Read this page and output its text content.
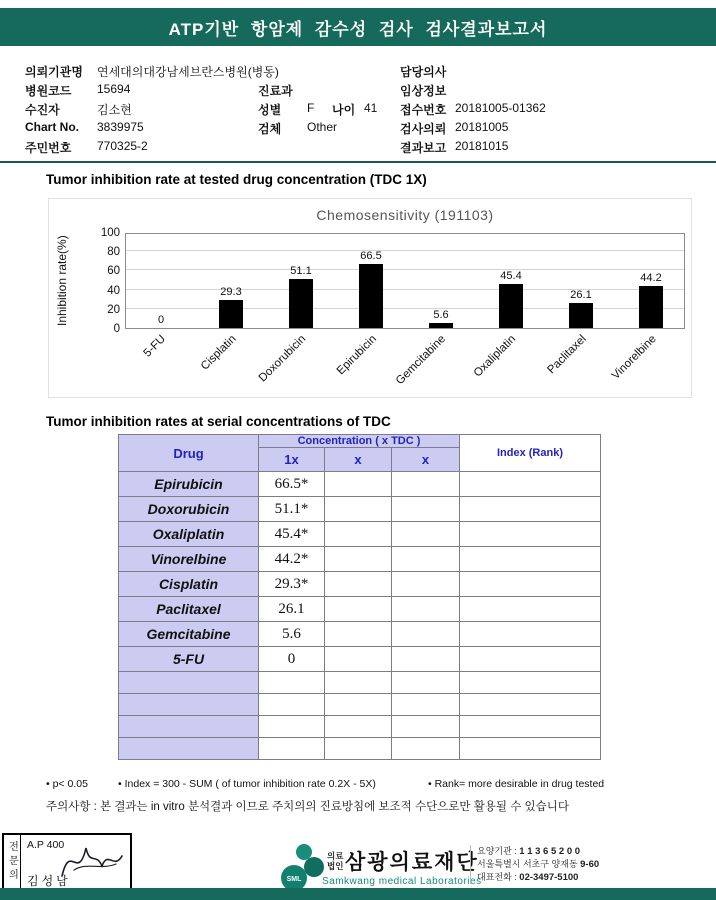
ATP기반 항암제 감수성 검사 검사결과보고서
의뢰기관명 연세대의대강남세브란스병원(병동)
병원코드 15694
수진자	김소현
Chart No. 3839975
주민번호 770325-2
진료과
성별 F 나이 41
검체 Other
담당의사
임상정보
접수번호 20181005-01362
검사의뢰 20181005
결과보고 20181015
Tumor inhibition rate at tested drug concentration (TDC 1X)
Chemosensitivity (191103)
Inhibition rate(%)
0
20
40
60
80
100
0
29.3
51.1
66.5
5.6
45.4
26.1
44.2
5-FU	Cisplatin Doxorubicin Epirubicin Gemcitabine Oxaliplatin Paclitaxel Vinorelbine
Tumor inhibition rates at serial concentrations of TDC
Drug	Concentration ( x TDC )			Index (Rank)
	1x	x	x	
Epirubicin	66.5*			
Doxorubicin	51.1*			
Oxaliplatin	45.4*			
Vinorelbine	44.2*			
Cisplatin	29.3*			
Paclitaxel	26.1			
Gemcitabine	5.6			
5-FU	0			

• p< 0.05	• Index = 300 - SUM ( of tumor inhibition rate 0.2X - 5X)	• Rank= more desirable in drug tested
주의사항 : 본 결과는 in vitro 분석결과 이므로 주치의의 진료방침에 보조적 수단으로만 활용될 수 있습니다
전문의 A.P 400
김성남	SML
의료
법인 삼광의료재단
Samkwang medical Laboratories
요양기관 : 1 1 3 6 5 2 0 0
서울특별시 서초구 양재동 9-60
대표전화 : 02-3497-5100
